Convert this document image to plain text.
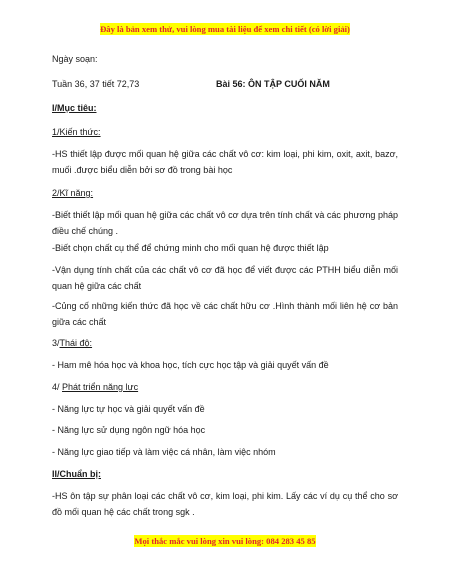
Đây là bản xem thử, vui lòng mua tài liệu để xem chi tiết (có lời giải)
Ngày soạn:
Tuần 36, 37 tiết 72,73	Bài 56: ÔN TẬP CUỐI NĂM
I/Mục tiêu:
1/Kiến thức:
-HS thiết lập được mối quan hệ giữa các chất vô cơ: kim loại, phi kim, oxit, axit, bazơ, muối .được biểu diễn bởi sơ đồ trong bài học
2/Kĩ năng:
-Biết thiết lập mối quan hệ giữa các chất vô cơ dựa trên tính chất và các phương pháp điều chế chúng .
-Biết chọn chất cụ thể để chứng minh cho mối quan hệ được thiết lập
-Vận dụng tính chất của các chất vô cơ đã học để viết được các PTHH biểu diễn mối quan hệ giữa các chất
-Củng cố những kiến thức đã học về các chất hữu cơ .Hình thành mối liên hệ cơ bản giữa các chất
3/Thái độ:
- Ham mê hóa học và khoa học, tích cực học tập và giải quyết vấn đề
4/ Phát triển năng lực
- Năng lực tự học và giải quyết vấn đề
- Năng lực sử dụng ngôn ngữ hóa học
- Năng lực giao tiếp và làm việc cá nhân, làm việc nhóm
II/Chuẩn bị:
-HS ôn tập sự phân loại các chất vô cơ, kim loại, phi kim. Lấy các ví dụ cụ thể cho sơ đồ mối quan hệ các chất trong sgk .
Mọi thắc mắc vui lòng xin vui lòng: 084 283 45 85
